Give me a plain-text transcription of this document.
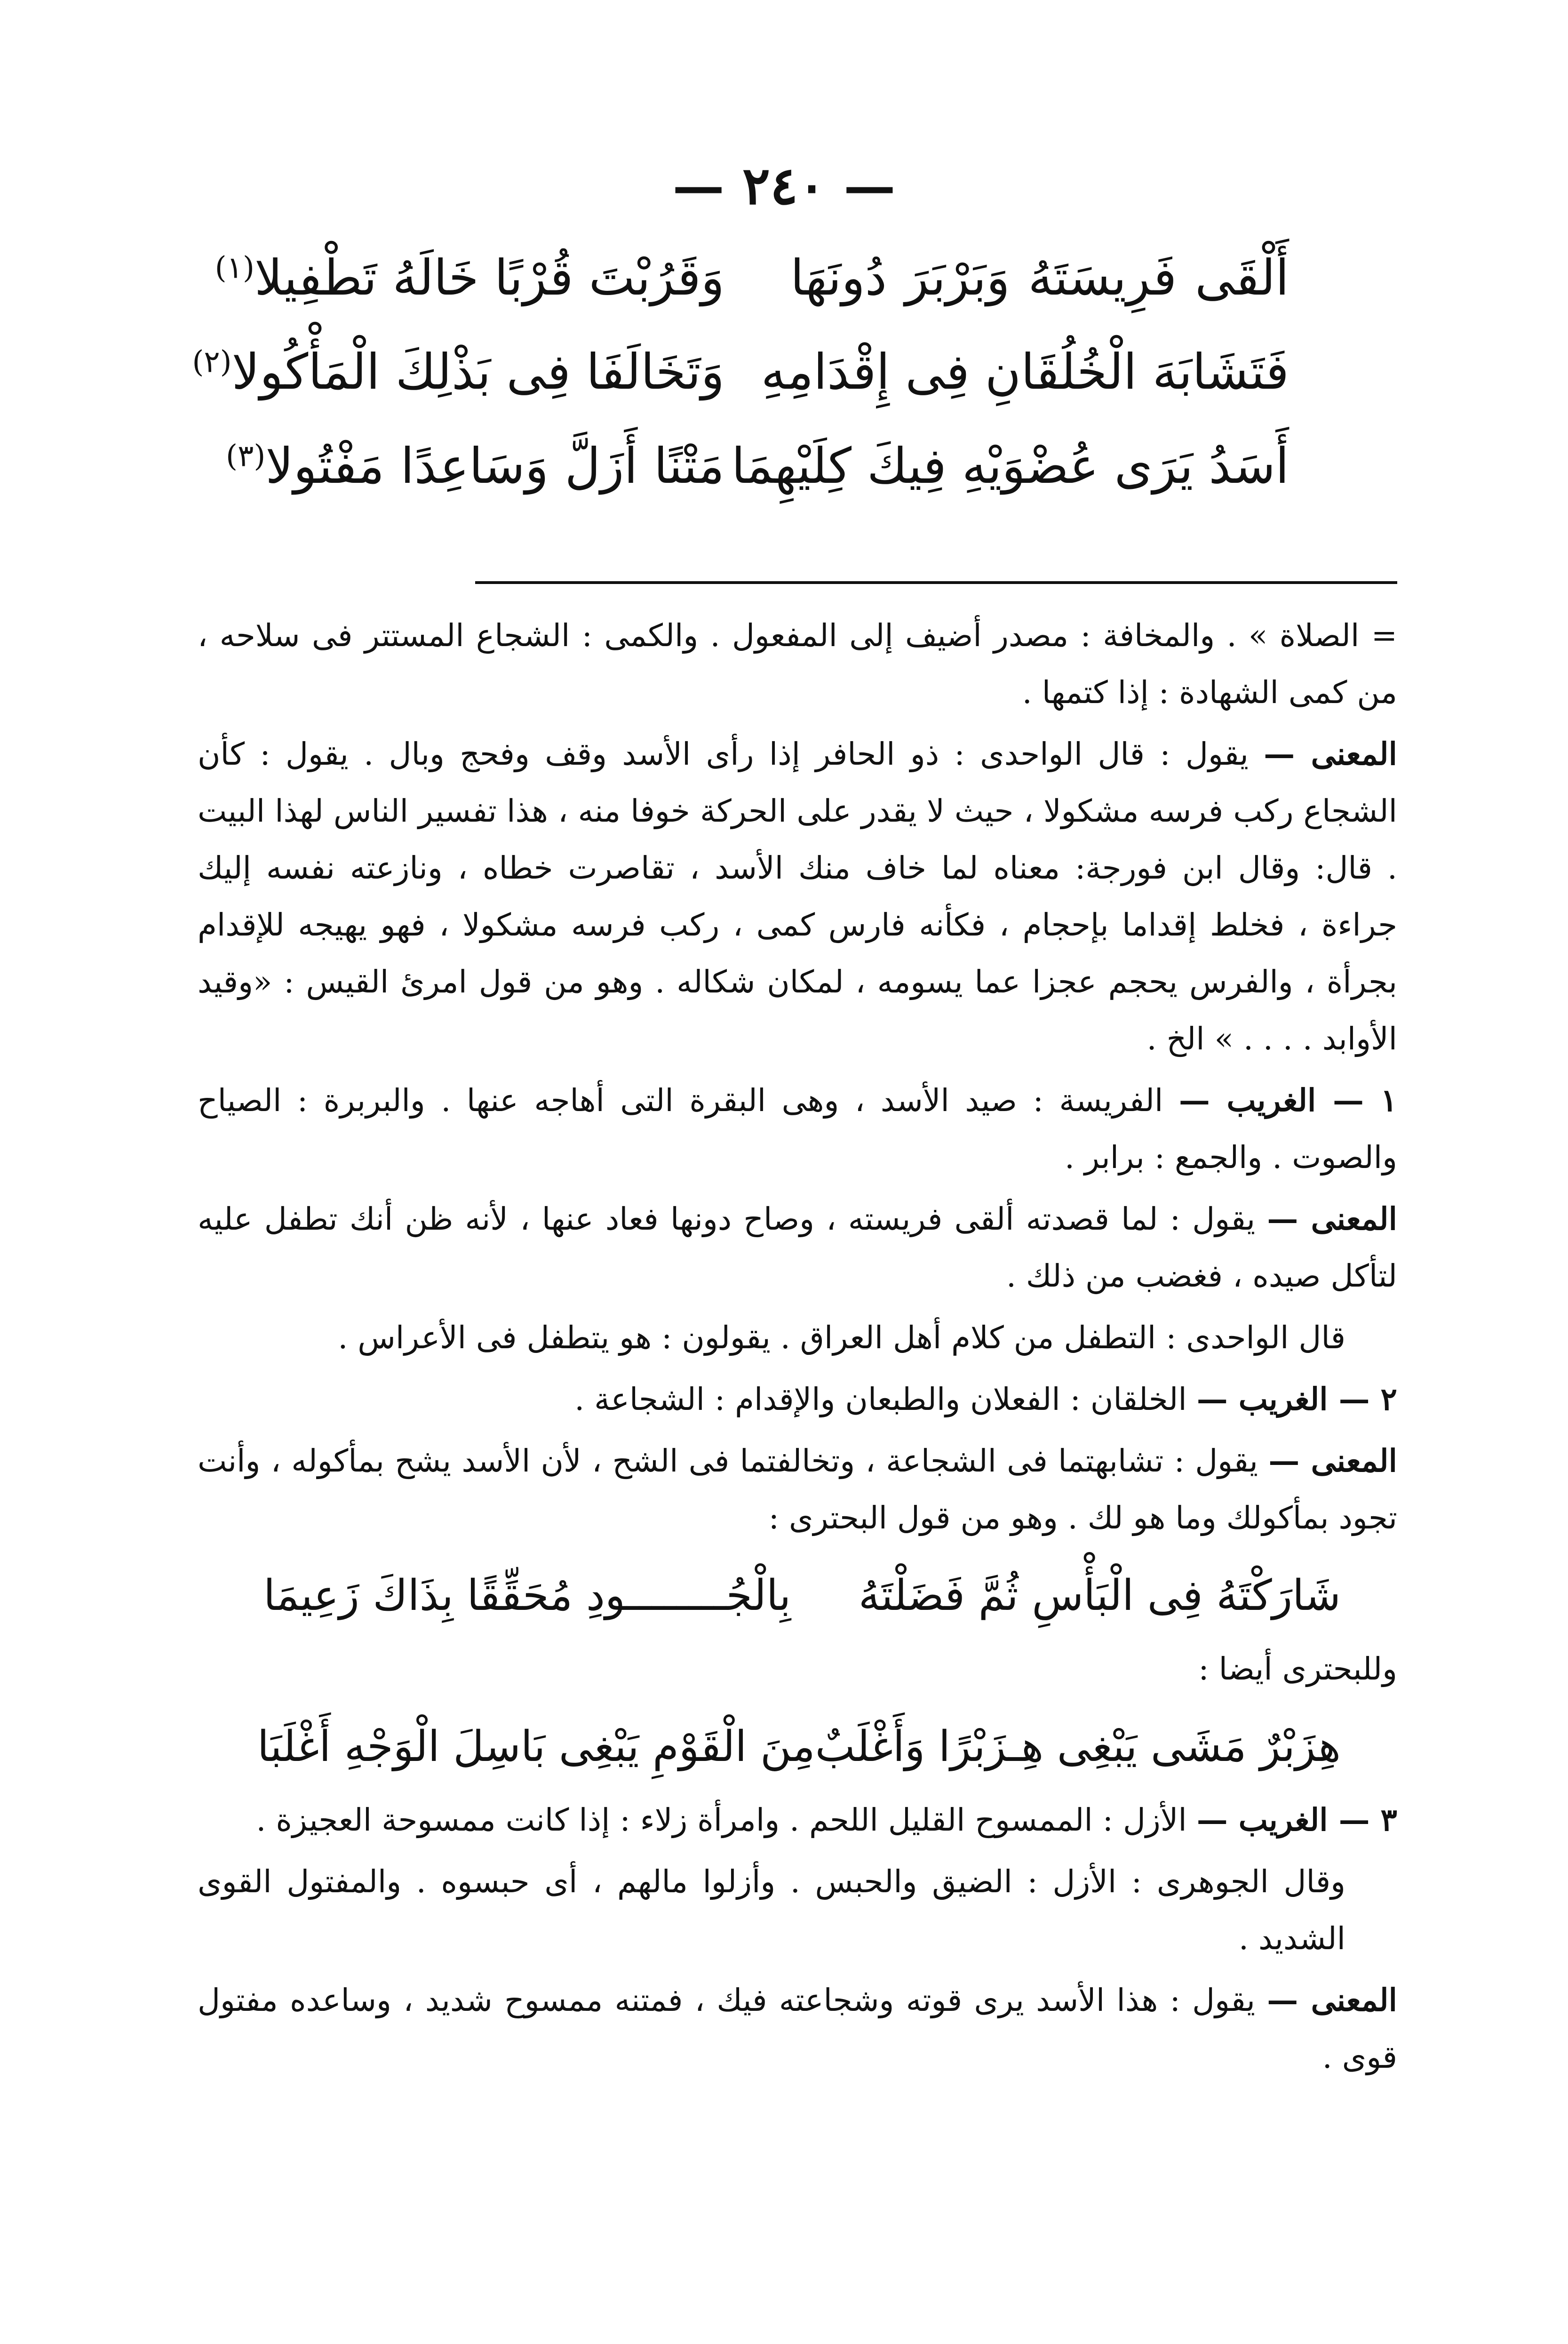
— ٢٤٠ —
أَلْقَى فَرِيسَتَهُ وَبَرْبَرَ دُونَهَا
وَقَرُبْتَ قُرْبًا خَالَهُ تَطْفِيلا$^{(١)}$
فَتَشَابَهَ الْخُلُقَانِ فِى إِقْدَامِهِ
وَتَخَالَفَا فِى بَذْلِكَ الْمَأْكُولا$^{(٢)}$
أَسَدُ يَرَى عُضْوَيْهِ فِيكَ كِلَيْهِمَا
مَتْنًا أَزَلَّ وَسَاعِدًا مَفْتُولا$^{(٣)}$

= الصلاة » . والمخافة : مصدر أضيف إلى المفعول . والكمى : الشجاع المستتر فى سلاحه ، من كمى الشهادة : إذا كتمها .

المعنى — يقول : قال الواحدى : ذو الحافر إذا رأى الأسد وقف وفحج وبال . يقول : كأن الشجاع ركب فرسه مشكولا ، حيث لا يقدر على الحركة خوفا منه ، هذا تفسير الناس لهذا البيت . قال: وقال ابن فورجة: معناه لما خاف منك الأسد ، تقاصرت خطاه ، ونازعته نفسه إليك جراءة ، فخلط إقداما بإحجام ، فكأنه فارس كمى ، ركب فرسه مشكولا ، فهو يهيجه للإقدام بجرأة ، والفرس يحجم عجزا عما يسومه ، لمكان شكاله . وهو من قول امرئ القيس : «وقيد الأوابد . . . . » الخ .

١ — الغريب — الفريسة : صيد الأسد ، وهى البقرة التى أهاجه عنها . والبربرة : الصياح والصوت . والجمع : برابر .

المعنى — يقول : لما قصدته ألقى فريسته ، وصاح دونها فعاد عنها ، لأنه ظن أنك تطفل عليه لتأكل صيده ، فغضب من ذلك .

قال الواحدى : التطفل من كلام أهل العراق . يقولون : هو يتطفل فى الأعراس .

٢ — الغريب — الخلقان : الفعلان والطبعان والإقدام : الشجاعة .

المعنى — يقول : تشابهتما فى الشجاعة ، وتخالفتما فى الشح ، لأن الأسد يشح بمأكوله ، وأنت تجود بمأكولك وما هو لك . وهو من قول البحترى :

شَارَكْتَهُ فِى الْبَأْسِ ثُمَّ فَضَلْتَهُ
بِالْجُــــــــودِ مُحَقِّقًا بِذَاكَ زَعِيمَا

وللبحترى أيضا :

هِزَبْرٌ مَشَى يَبْغِى هِـزَبْرًا وَأَغْلَبٌ
مِنَ الْقَوْمِ يَبْغِى بَاسِلَ الْوَجْهِ أَغْلَبَا

٣ — الغريب — الأزل : الممسوح القليل اللحم . وامرأة زلاء : إذا كانت ممسوحة العجيزة .

وقال الجوهرى : الأزل : الضيق والحبس . وأزلوا مالهم ، أى حبسوه . والمفتول القوى الشديد .

المعنى — يقول : هذا الأسد يرى قوته وشجاعته فيك ، فمتنه ممسوح شديد ، وساعده مفتول قوى .
